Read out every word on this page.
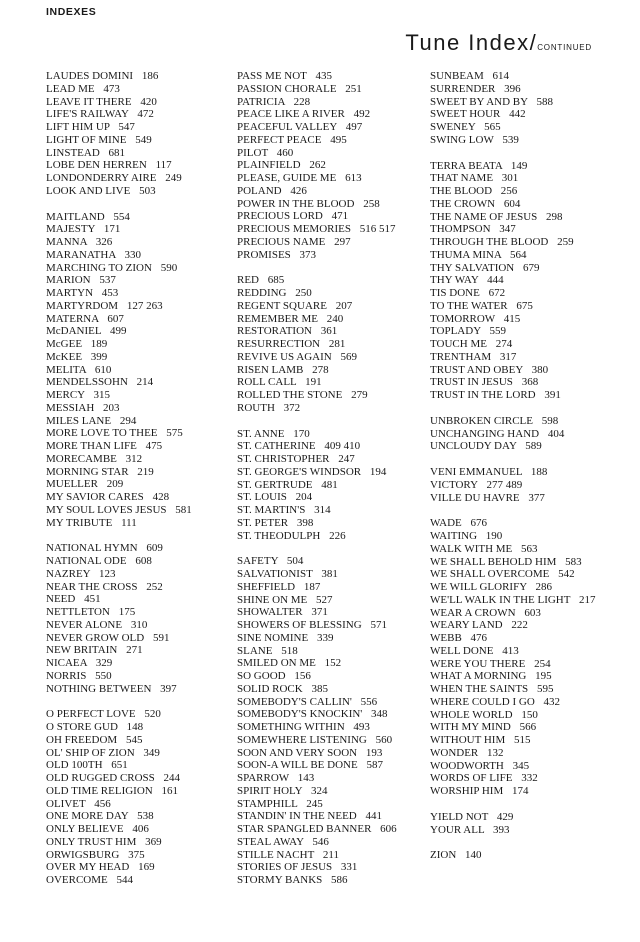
INDEXES
Tune Index/continued
LAUDES DOMINI 186
LEAD ME 473
LEAVE IT THERE 420
LIFE'S RAILWAY 472
LIFT HIM UP 547
LIGHT OF MINE 549
LINSTEAD 681
LOBE DEN HERREN 117
LONDONDERRY AIRE 249
LOOK AND LIVE 503
MAITLAND 554
MAJESTY 171
MANNA 326
MARANATHA 330
MARCHING TO ZION 590
MARION 537
MARTYN 453
MARTYRDOM 127 263
MATERNA 607
McDANIEL 499
McGEE 189
McKEE 399
MELITA 610
MENDELSSOHN 214
MERCY 315
MESSIAH 203
MILES LANE 294
MORE LOVE TO THEE 575
MORE THAN LIFE 475
MORECAMBE 312
MORNING STAR 219
MUELLER 209
MY SAVIOR CARES 428
MY SOUL LOVES JESUS 581
MY TRIBUTE 111
NATIONAL HYMN 609
NATIONAL ODE 608
NAZREY 123
NEAR THE CROSS 252
NEED 451
NETTLETON 175
NEVER ALONE 310
NEVER GROW OLD 591
NEW BRITAIN 271
NICAEA 329
NORRIS 550
NOTHING BETWEEN 397
O PERFECT LOVE 520
O STORE GUD 148
OH FREEDOM 545
OL' SHIP OF ZION 349
OLD 100TH 651
OLD RUGGED CROSS 244
OLD TIME RELIGION 161
OLIVET 456
ONE MORE DAY 538
ONLY BELIEVE 406
ONLY TRUST HIM 369
ORWIGSBURG 375
OVER MY HEAD 169
OVERCOME 544
PASS ME NOT 435
PASSION CHORALE 251
PATRICIA 228
PEACE LIKE A RIVER 492
PEACEFUL VALLEY 497
PERFECT PEACE 495
PILOT 460
PLAINFIELD 262
PLEASE, GUIDE ME 613
POLAND 426
POWER IN THE BLOOD 258
PRECIOUS LORD 471
PRECIOUS MEMORIES 516 517
PRECIOUS NAME 297
PROMISES 373
RED 685
REDDING 250
REGENT SQUARE 207
REMEMBER ME 240
RESTORATION 361
RESURRECTION 281
REVIVE US AGAIN 569
RISEN LAMB 278
ROLL CALL 191
ROLLED THE STONE 279
ROUTH 372
ST. ANNE 170
ST. CATHERINE 409 410
ST. CHRISTOPHER 247
ST. GEORGE'S WINDSOR 194
ST. GERTRUDE 481
ST. LOUIS 204
ST. MARTIN'S 314
ST. PETER 398
ST. THEODULPH 226
SAFETY 504
SALVATIONIST 381
SHEFFIELD 187
SHINE ON ME 527
SHOWALTER 371
SHOWERS OF BLESSING 571
SINE NOMINE 339
SLANE 518
SMILED ON ME 152
SO GOOD 156
SOLID ROCK 385
SOMEBODY'S CALLIN' 556
SOMEBODY'S KNOCKIN' 348
SOMETHING WITHIN 493
SOMEWHERE LISTENING 560
SOON AND VERY SOON 193
SOON-A WILL BE DONE 587
SPARROW 143
SPIRIT HOLY 324
STAMPHILL 245
STANDIN' IN THE NEED 441
STAR SPANGLED BANNER 606
STEAL AWAY 546
STILLE NACHT 211
STORIES OF JESUS 331
STORMY BANKS 586
SUNBEAM 614
SURRENDER 396
SWEET BY AND BY 588
SWEET HOUR 442
SWENEY 565
SWING LOW 539
TERRA BEATA 149
THAT NAME 301
THE BLOOD 256
THE CROWN 604
THE NAME OF JESUS 298
THOMPSON 347
THROUGH THE BLOOD 259
THUMA MINA 564
THY SALVATION 679
THY WAY 444
TIS DONE 672
TO THE WATER 675
TOMORROW 415
TOPLADY 559
TOUCH ME 274
TRENTHAM 317
TRUST AND OBEY 380
TRUST IN JESUS 368
TRUST IN THE LORD 391
UNBROKEN CIRCLE 598
UNCHANGING HAND 404
UNCLOUDY DAY 589
VENI EMMANUEL 188
VICTORY 277 489
VILLE DU HAVRE 377
WADE 676
WAITING 190
WALK WITH ME 563
WE SHALL BEHOLD HIM 583
WE SHALL OVERCOME 542
WE WILL GLORIFY 286
WE'LL WALK IN THE LIGHT 217
WEAR A CROWN 603
WEARY LAND 222
WEBB 476
WELL DONE 413
WERE YOU THERE 254
WHAT A MORNING 195
WHEN THE SAINTS 595
WHERE COULD I GO 432
WHOLE WORLD 150
WITH MY MIND 566
WITHOUT HIM 515
WONDER 132
WOODWORTH 345
WORDS OF LIFE 332
WORSHIP HIM 174
YIELD NOT 429
YOUR ALL 393
ZION 140
